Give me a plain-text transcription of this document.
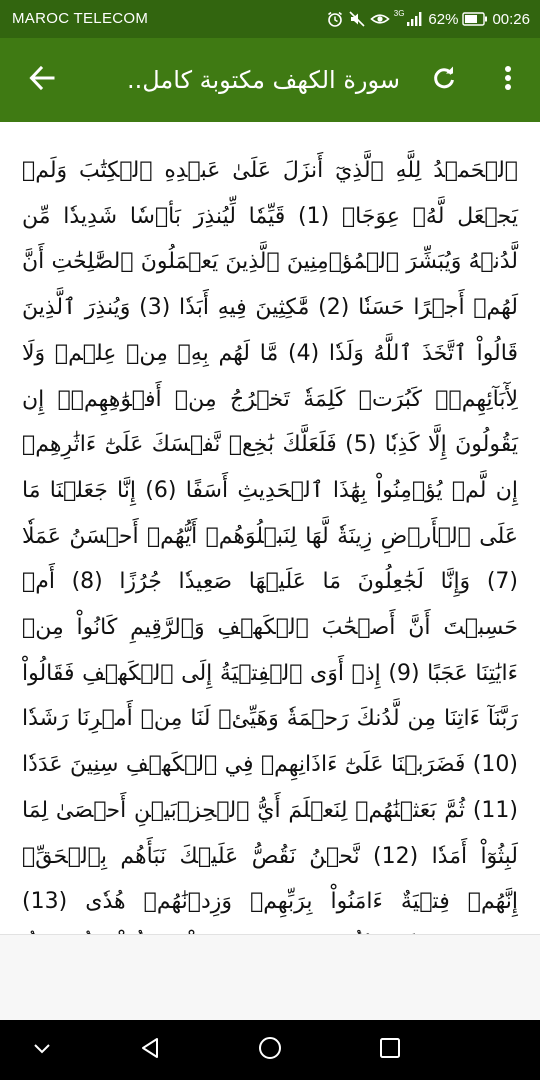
MAROC TELECOM	3G 62% 00:26
سورة الكهف مكتوبة كامل..

ٱلۡحَمۡدُ لِلَّهِ ٱلَّذِيٓ أَنزَلَ عَلَىٰ عَبۡدِهِ ٱلۡكِتَٰبَ وَلَمۡ يَجۡعَل لَّهُۥ عِوَجَاۜ (1) قَيِّمٗا لِّيُنذِرَ بَأۡسٗا شَدِيدٗا مِّن لَّدُنۡهُ وَيُبَشِّرَ ٱلۡمُؤۡمِنِينَ ٱلَّذِينَ يَعۡمَلُونَ ٱلصَّٰلِحَٰتِ أَنَّ لَهُمۡ أَجۡرًا حَسَنٗا (2) مَّٰكِثِينَ فِيهِ أَبَدٗا (3) وَيُنذِرَ ٱلَّذِينَ قَالُواْ ٱتَّخَذَ ٱللَّهُ وَلَدٗا (4) مَّا لَهُم بِهِۦ مِنۡ عِلۡمٖ وَلَا لِأٓبَآئِهِمۡۚ كَبُرَتۡ كَلِمَةٗ تَخۡرُجُ مِنۡ أَفۡوَٰهِهِمۡۚ إِن يَقُولُونَ إِلَّا كَذِبٗا (5) فَلَعَلَّكَ بَٰخِعٞ نَّفۡسَكَ عَلَىٰٓ ءَاثَٰرِهِمۡ إِن لَّمۡ يُؤۡمِنُواْ بِهَٰذَا ٱلۡحَدِيثِ أَسَفًا (6) إِنَّا جَعَلۡنَا مَا عَلَى ٱلۡأَرۡضِ زِينَةٗ لَّهَا لِنَبۡلُوَهُمۡ أَيُّهُمۡ أَحۡسَنُ عَمَلٗا (7) وَإِنَّا لَجَٰعِلُونَ مَا عَلَيۡهَا صَعِيدٗا جُرُزًا (8) أَمۡ حَسِبۡتَ أَنَّ أَصۡحَٰبَ ٱلۡكَهۡفِ وَٱلرَّقِيمِ كَانُواْ مِنۡ ءَايَٰتِنَا عَجَبًا (9) إِذۡ أَوَى ٱلۡفِتۡيَةُ إِلَى ٱلۡكَهۡفِ فَقَالُواْ رَبَّنَآ ءَاتِنَا مِن لَّدُنكَ رَحۡمَةٗ وَهَيِّئۡ لَنَا مِنۡ أَمۡرِنَا رَشَدٗا (10) فَضَرَبۡنَا عَلَىٰٓ ءَاذَانِهِمۡ فِي ٱلۡكَهۡفِ سِنِينَ عَدَدٗا (11) ثُمَّ بَعَثۡنَٰهُمۡ لِنَعۡلَمَ أَيُّ ٱلۡحِزۡبَيۡنِ أَحۡصَىٰ لِمَا لَبِثُوٓاْ أَمَدٗا (12) نَّحۡنُ نَقُصُّ عَلَيۡكَ نَبَأَهُم بِٱلۡحَقِّۚ إِنَّهُمۡ فِتۡيَةٌ ءَامَنُواْ بِرَبِّهِمۡ وَزِدۡنَٰهُمۡ هُدٗى (13)
